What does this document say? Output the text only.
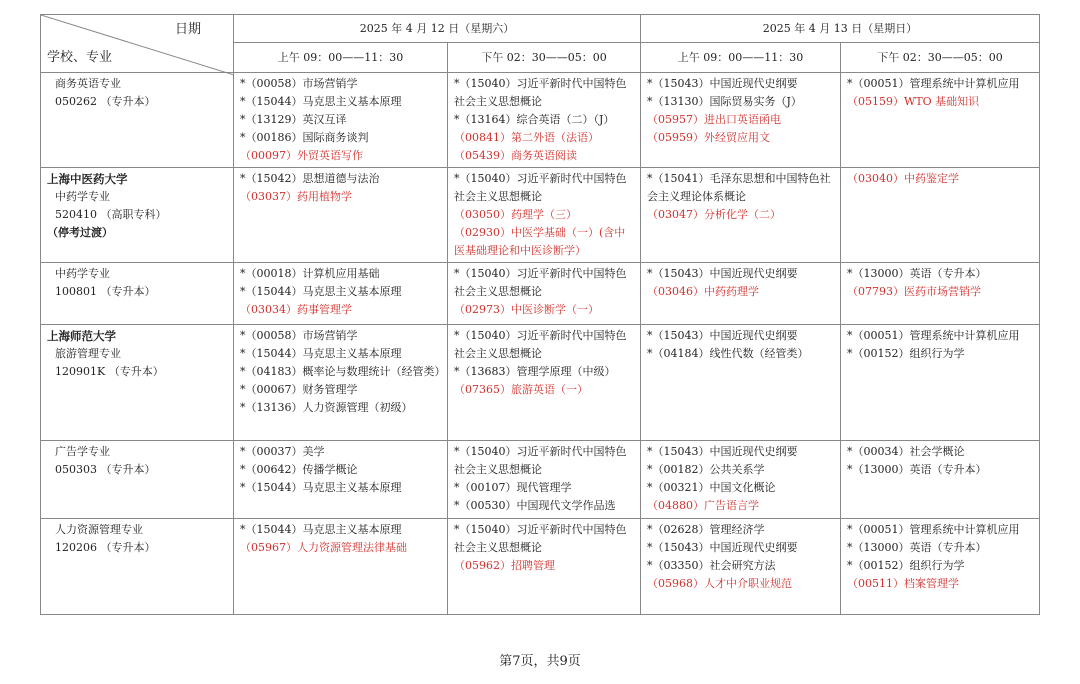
日期
学校、专业	2025 年 4 月 12 日（星期六）		2025 年 4 月 13 日（星期日）	
	上午 09：00——11：30	下午 02：30——05：00	上午 09：00——11：30	下午 02：30——05：00

商务英语专业
050262 （专升本）	*（00058）市场营销学
*（15044）马克思主义基本原理
*（13129）英汉互译
*（00186）国际商务谈判
（00097）外贸英语写作	*（15040）习近平新时代中国特色社会主义思想概论
*（13164）综合英语（二）（J）
（00841）第二外语（法语）
（05439）商务英语阅读	*（15043）中国近现代史纲要
*（13130）国际贸易实务（J）
（05957）进出口英语函电
（05959）外经贸应用文	*（00051）管理系统中计算机应用
（05159）WTO 基础知识

上海中医药大学
中药学专业
520410 （高职专科）
（停考过渡）	*（15042）思想道德与法治
（03037）药用植物学	*（15040）习近平新时代中国特色社会主义思想概论
（03050）药理学（三）
（02930）中医学基础（一）(含中医基础理论和中医诊断学）	*（15041）毛泽东思想和中国特色社会主义理论体系概论
（03047）分析化学（二）	（03040）中药鉴定学

中药学专业
100801 （专升本）	*（00018）计算机应用基础
*（15044）马克思主义基本原理
（03034）药事管理学	*（15040）习近平新时代中国特色社会主义思想概论
（02973）中医诊断学（一）	*（15043）中国近现代史纲要
（03046）中药药理学	*（13000）英语（专升本）
（07793）医药市场营销学

上海师范大学
旅游管理专业
120901K （专升本）	*（00058）市场营销学
*（15044）马克思主义基本原理
*（04183）概率论与数理统计（经管类）
*（00067）财务管理学
*（13136）人力资源管理（初级）	*（15040）习近平新时代中国特色社会主义思想概论
*（13683）管理学原理（中级）
（07365）旅游英语（一）	*（15043）中国近现代史纲要
*（04184）线性代数（经管类）	*（00051）管理系统中计算机应用
*（00152）组织行为学

广告学专业
050303 （专升本）	*（00037）美学
*（00642）传播学概论
*（15044）马克思主义基本原理	*（15040）习近平新时代中国特色社会主义思想概论
*（00107）现代管理学
*（00530）中国现代文学作品选	*（15043）中国近现代史纲要
*（00182）公共关系学
*（00321）中国文化概论
（04880）广告语言学	*（00034）社会学概论
*（13000）英语（专升本）

人力资源管理专业
120206 （专升本）	*（15044）马克思主义基本原理
（05967）人力资源管理法律基础	*（15040）习近平新时代中国特色社会主义思想概论
（05962）招聘管理	*（02628）管理经济学
*（15043）中国近现代史纲要
*（03350）社会研究方法
（05968）人才中介职业规范	*（00051）管理系统中计算机应用
*（13000）英语（专升本）
*（00152）组织行为学
（00511）档案管理学
第7页，共9页
